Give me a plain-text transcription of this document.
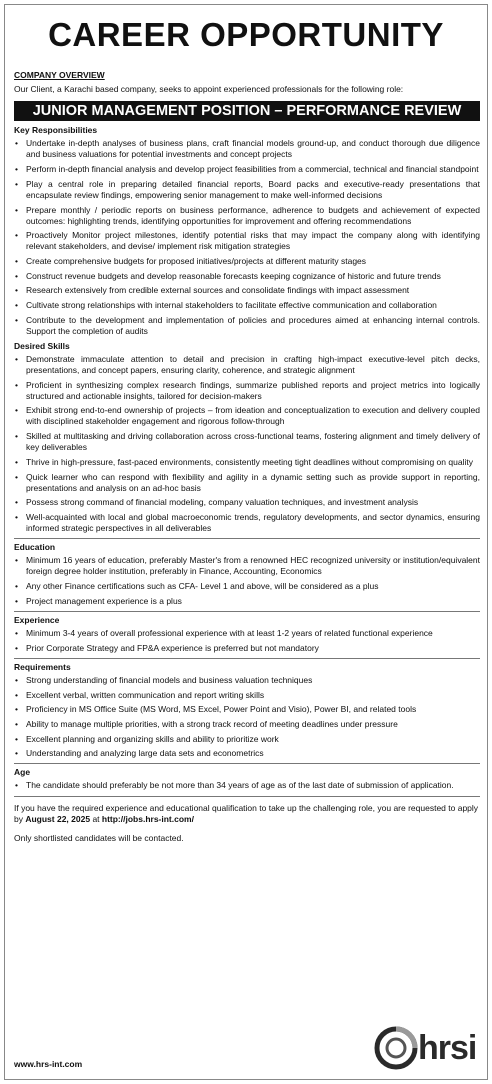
CAREER OPPORTUNITY
COMPANY OVERVIEW
Our Client, a Karachi based company, seeks to appoint experienced professionals for the following role:
JUNIOR MANAGEMENT POSITION – PERFORMANCE REVIEW
Key Responsibilities
• Undertake in-depth analyses of business plans, craft financial models ground-up, and conduct thorough due diligence and business valuations for potential investments and concept projects
• Perform in-depth financial analysis and develop project feasibilities from a commercial, technical and financial standpoint
• Play a central role in preparing detailed financial reports, Board packs and executive-ready presentations that encapsulate review findings, empowering senior management to make well-informed decisions
• Prepare monthly / periodic reports on business performance, adherence to budgets and achievement of expected outcomes: highlighting trends, identifying opportunities for improvement and offering recommendations
• Proactively Monitor project milestones, identify potential risks that may impact the company along with identifying relevant stakeholders, and devise/ implement risk mitigation strategies
• Create comprehensive budgets for proposed initiatives/projects at different maturity stages
• Construct revenue budgets and develop reasonable forecasts keeping cognizance of historic and future trends
• Research extensively from credible external sources and consolidate findings with impact assessment
• Cultivate strong relationships with internal stakeholders to facilitate effective communication and collaboration
• Contribute to the development and implementation of policies and procedures aimed at enhancing internal controls. Support the completion of audits
Desired Skills
• Demonstrate immaculate attention to detail and precision in crafting high-impact executive-level pitch decks, presentations, and concept papers, ensuring clarity, coherence, and strategic alignment
• Proficient in synthesizing complex research findings, summarize published reports and project metrics into logically structured and actionable insights, tailored for decision-makers
• Exhibit strong end-to-end ownership of projects – from ideation and conceptualization to execution and delivery coupled with disciplined stakeholder engagement and rigorous follow-through
• Skilled at multitasking and driving collaboration across cross-functional teams, fostering alignment and timely delivery of key deliverables
• Thrive in high-pressure, fast-paced environments, consistently meeting tight deadlines without compromising on quality
• Quick learner who can respond with flexibility and agility in a dynamic setting such as provide support in reporting, presentations and analysis on an ad-hoc basis
• Possess strong command of financial modeling, company valuation techniques, and investment analysis
• Well-acquainted with local and global macroeconomic trends, regulatory developments, and sector dynamics, ensuring informed strategic perspectives in all deliverables
Education
• Minimum 16 years of education, preferably Master's from a renowned HEC recognized university or institution/equivalent foreign degree holder institution, preferably in Finance, Accounting, Economics
• Any other Finance certifications such as CFA- Level 1 and above, will be considered as a plus
• Project management experience is a plus
Experience
• Minimum 3-4 years of overall professional experience with at least 1-2 years of related functional experience
• Prior Corporate Strategy and FP&A experience is preferred but not mandatory
Requirements
• Strong understanding of financial models and business valuation techniques
• Excellent verbal, written communication and report writing skills
• Proficiency in MS Office Suite (MS Word, MS Excel, Power Point and Visio), Power BI, and related tools
• Ability to manage multiple priorities, with a strong track record of meeting deadlines under pressure
• Excellent planning and organizing skills and ability to prioritize work
• Understanding and analyzing large data sets and econometrics
Age
• The candidate should preferably be not more than 34 years of age as of the last date of submission of application.

If you have the required experience and educational qualification to take up the challenging role, you are requested to apply by August 22, 2025 at http://jobs.hrs-int.com/

Only shortlisted candidates will be contacted.

www.hrs-int.com	hrsi
